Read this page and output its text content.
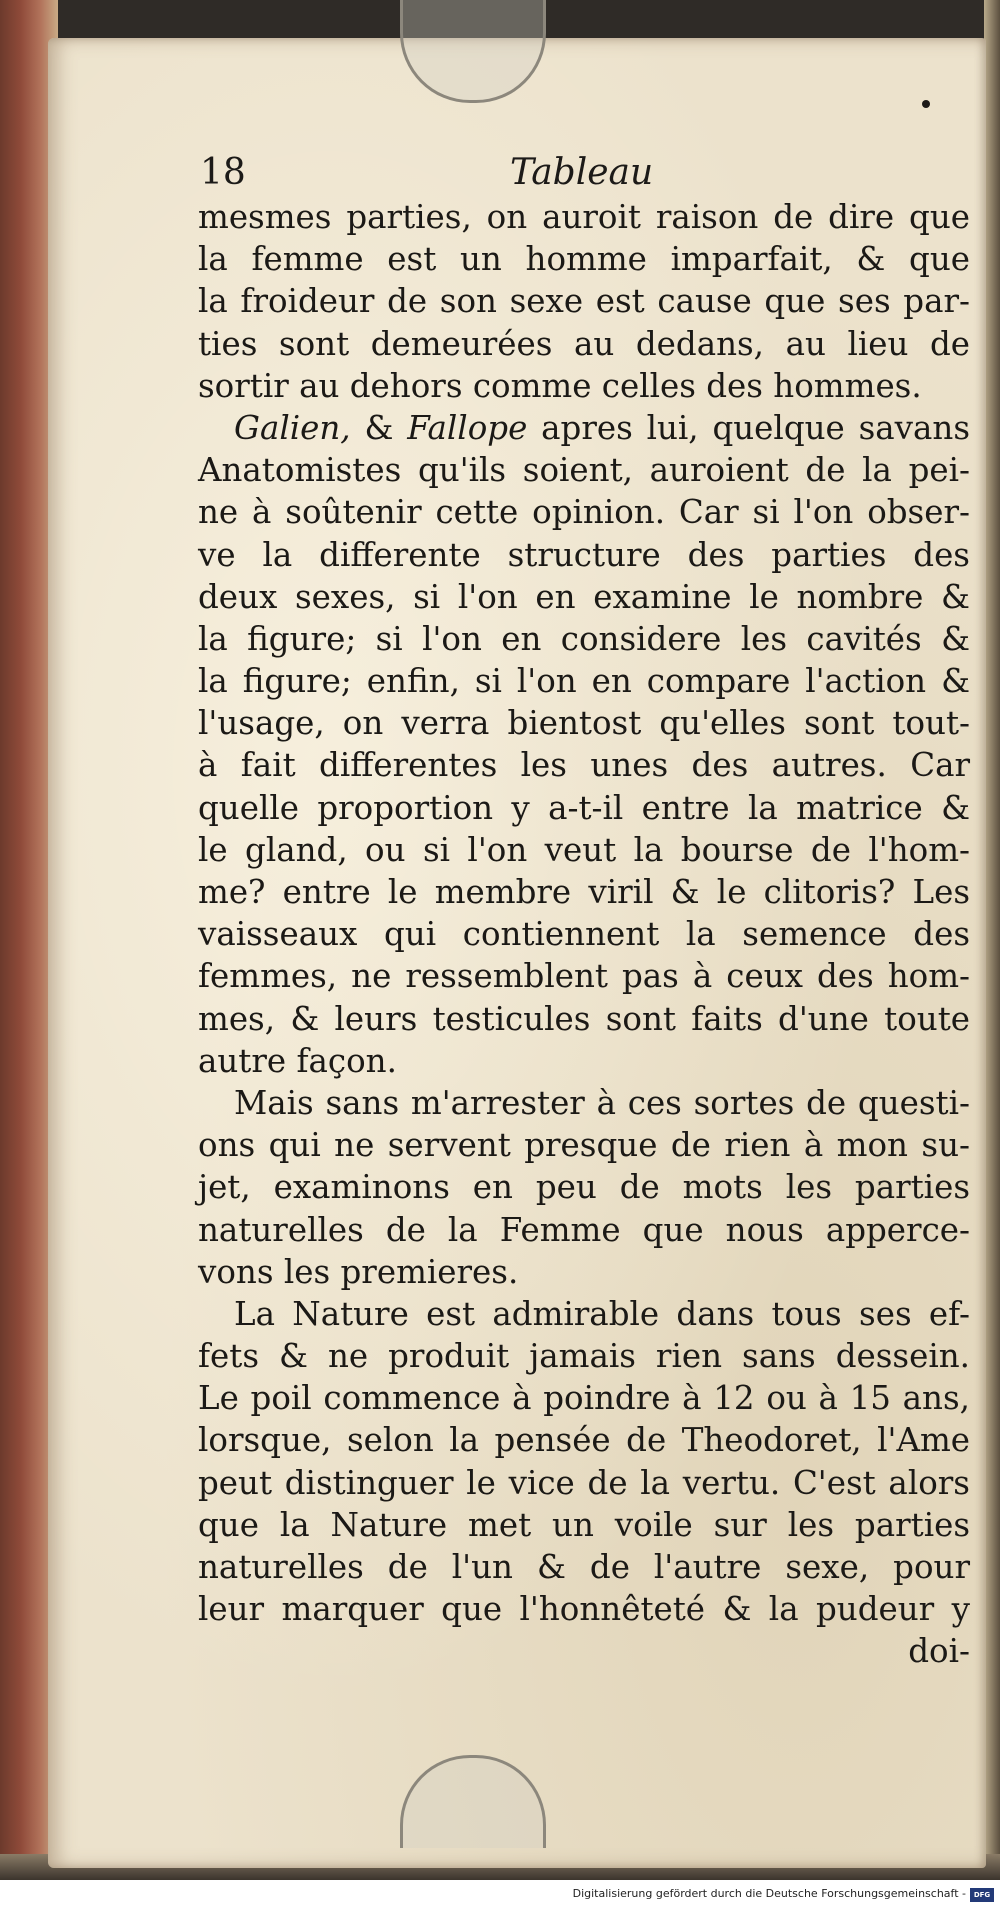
18	Tableau
mesmes parties, on auroit raison de dire que
la femme est un homme imparfait, & que
la froideur de son sexe est cause que ses par-
ties sont demeurées au dedans, au lieu de
sortir au dehors comme celles des hommes.
Galien, & Fallope apres lui, quelque savans
Anatomistes qu'ils soient, auroient de la pei-
ne à soûtenir cette opinion. Car si l'on obser-
ve la differente structure des parties des
deux sexes, si l'on en examine le nombre &
la figure; si l'on en considere les cavités &
la figure; enfin, si l'on en compare l'action &
l'usage, on verra bientost qu'elles sont tout-
à fait differentes les unes des autres. Car
quelle proportion y a-t-il entre la matrice &
le gland, ou si l'on veut la bourse de l'hom-
me? entre le membre viril & le clitoris? Les
vaisseaux qui contiennent la semence des
femmes, ne ressemblent pas à ceux des hom-
mes, & leurs testicules sont faits d'une toute
autre façon.
Mais sans m'arrester à ces sortes de questi-
ons qui ne servent presque de rien à mon su-
jet, examinons en peu de mots les parties
naturelles de la Femme que nous apperce-
vons les premieres.
La Nature est admirable dans tous ses ef-
fets & ne produit jamais rien sans dessein.
Le poil commence à poindre à 12 ou à 15 ans,
lorsque, selon la pensée de Theodoret, l'Ame
peut distinguer le vice de la vertu. C'est alors
que la Nature met un voile sur les parties
naturelles de l'un & de l'autre sexe, pour
leur marquer que l'honnêteté & la pudeur y
doi-
Digitalisierung gefördert durch die Deutsche Forschungsgemeinschaft -	DFG
